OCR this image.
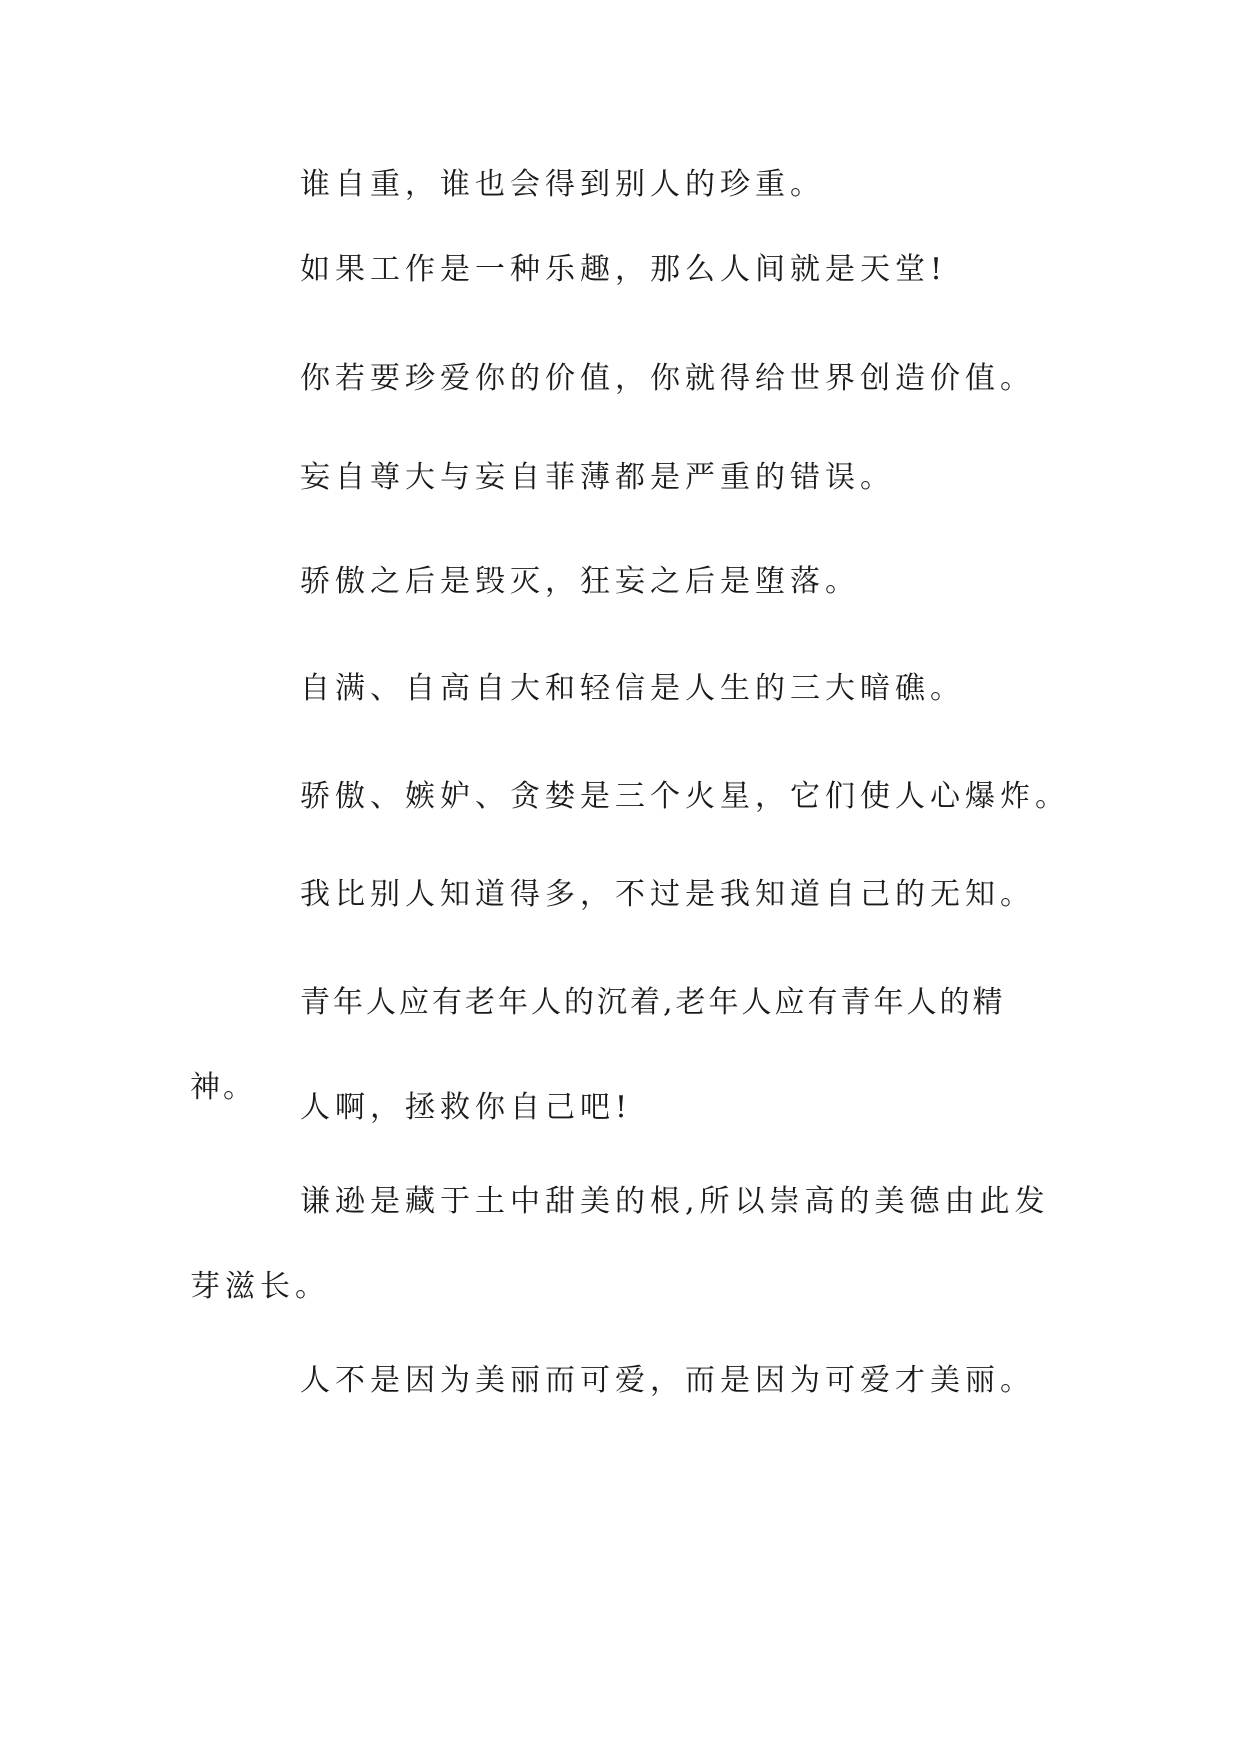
谁自重，谁也会得到别人的珍重。

如果工作是一种乐趣，那么人间就是天堂!

你若要珍爱你的价值，你就得给世界创造价值。

妄自尊大与妄自菲薄都是严重的错误。

骄傲之后是毁灭，狂妄之后是堕落。

自满、自高自大和轻信是人生的三大暗礁。

骄傲、嫉妒、贪婪是三个火星，它们使人心爆炸。

我比别人知道得多，不过是我知道自己的无知。

青年人应有老年人的沉着,老年人应有青年人的精神。

人啊，拯救你自己吧!

谦逊是藏于土中甜美的根,所以崇高的美德由此发芽滋长。

人不是因为美丽而可爱，而是因为可爱才美丽。
